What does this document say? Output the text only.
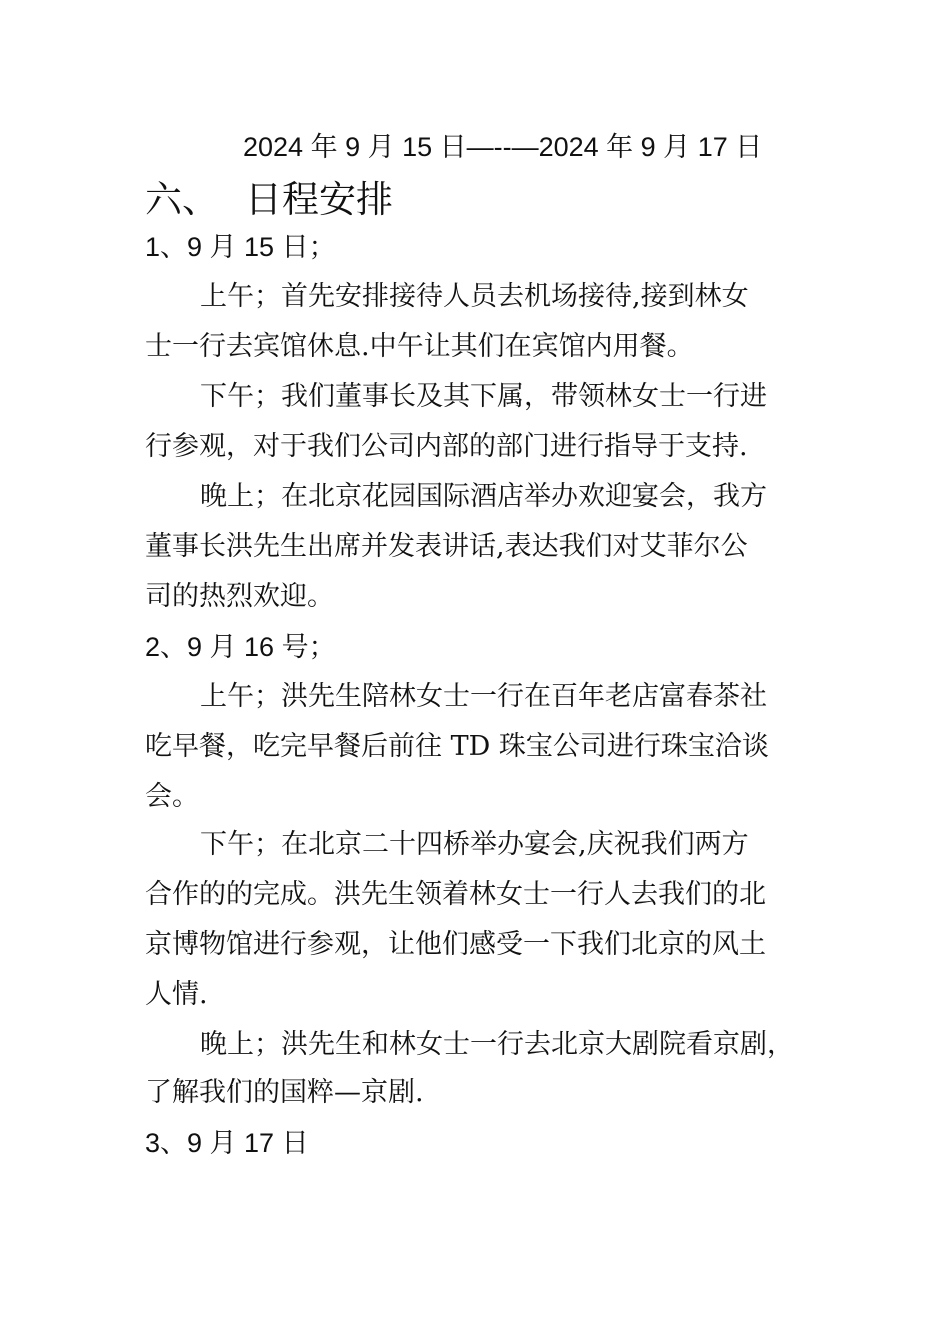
2024 年 9 月 15 日—--—2024 年 9 月 17 日
六、 日程安排
1、9 月 15 日；
上午；首先安排接待人员去机场接待,接到林女
士一行去宾馆休息.中午让其们在宾馆内用餐。
下午；我们董事长及其下属，带领林女士一行进
行参观，对于我们公司内部的部门进行指导于支持.
晚上；在北京花园国际酒店举办欢迎宴会，我方
董事长洪先生出席并发表讲话,表达我们对艾菲尔公
司的热烈欢迎。
2、9 月 16 号；
上午；洪先生陪林女士一行在百年老店富春茶社
吃早餐，吃完早餐后前往 TD 珠宝公司进行珠宝洽谈
会。
下午；在北京二十四桥举办宴会,庆祝我们两方
合作的的完成。洪先生领着林女士一行人去我们的北
京博物馆进行参观，让他们感受一下我们北京的风土
人情.
晚上；洪先生和林女士一行去北京大剧院看京剧，
了解我们的国粹—京剧.
3、9 月 17 日
